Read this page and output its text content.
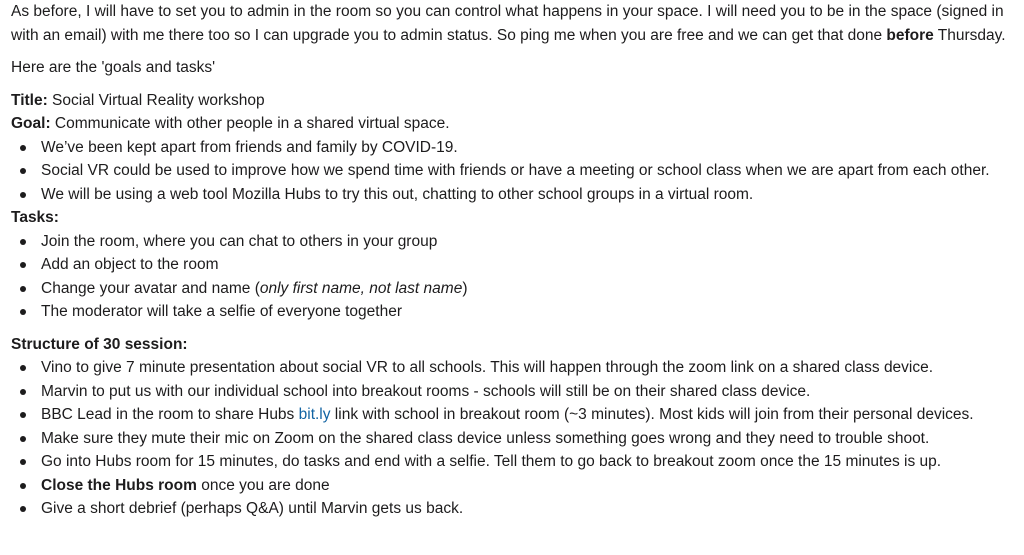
As before, I will have to set you to admin in the room so you can control what happens in your space. I will need you to be in the space (signed in with an email) with me there too so I can upgrade you to admin status. So ping me when you are free and we can get that done before Thursday.

Here are the 'goals and tasks'

Title: Social Virtual Reality workshop

Goal: Communicate with other people in a shared virtual space.

We’ve been kept apart from friends and family by COVID-19.
Social VR could be used to improve how we spend time with friends or have a meeting or school class when we are apart from each other.
We will be using a web tool Mozilla Hubs to try this out, chatting to other school groups in a virtual room.

Tasks:

Join the room, where you can chat to others in your group
Add an object to the room
Change your avatar and name (only first name, not last name)
The moderator will take a selfie of everyone together

Structure of 30 session:

Vino to give 7 minute presentation about social VR to all schools. This will happen through the zoom link on a shared class device.
Marvin to put us with our individual school into breakout rooms - schools will still be on their shared class device.
BBC Lead in the room to share Hubs bit.ly link with school in breakout room (~3 minutes). Most kids will join from their personal devices.
Make sure they mute their mic on Zoom on the shared class device unless something goes wrong and they need to trouble shoot.
Go into Hubs room for 15 minutes, do tasks and end with a selfie. Tell them to go back to breakout zoom once the 15 minutes is up.
Close the Hubs room once you are done
Give a short debrief (perhaps Q&A) until Marvin gets us back.
